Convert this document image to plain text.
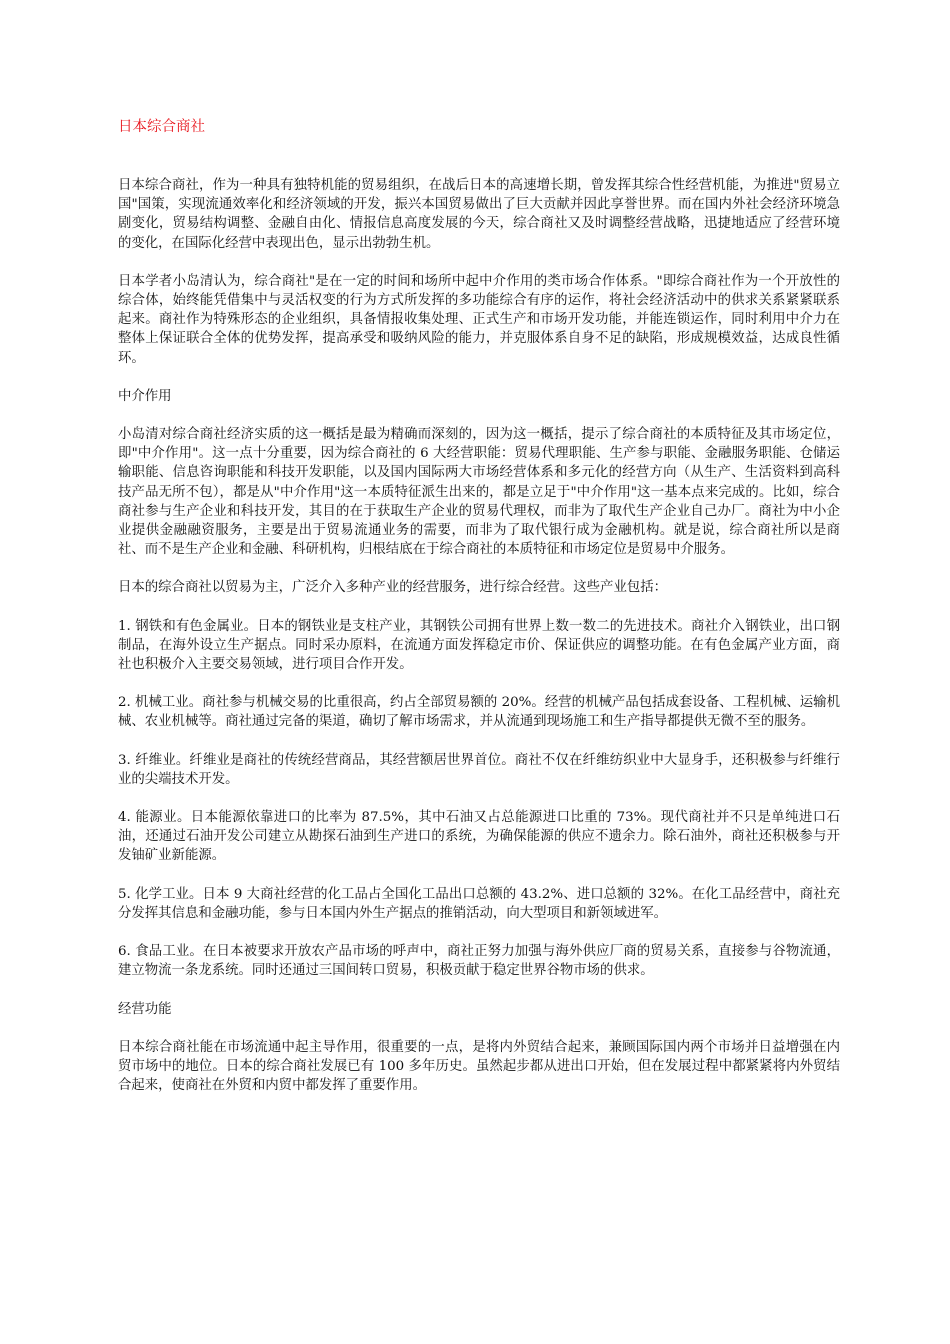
日本综合商社

日本综合商社，作为一种具有独特机能的贸易组织，在战后日本的高速增长期，曾发挥其综合性经营机能，为推进"贸易立国"国策，实现流通效率化和经济领域的开发，振兴本国贸易做出了巨大贡献并因此享誉世界。而在国内外社会经济环境急剧变化，贸易结构调整、金融自由化、情报信息高度发展的今天，综合商社又及时调整经营战略，迅捷地适应了经营环境的变化，在国际化经营中表现出色，显示出勃勃生机。

日本学者小岛清认为，综合商社"是在一定的时间和场所中起中介作用的类市场合作体系。"即综合商社作为一个开放性的综合体，始终能凭借集中与灵活权变的行为方式所发挥的多功能综合有序的运作，将社会经济活动中的供求关系紧紧联系起来。商社作为特殊形态的企业组织，具备情报收集处理、正式生产和市场开发功能，并能连锁运作，同时利用中介力在整体上保证联合全体的优势发挥，提高承受和吸纳风险的能力，并克服体系自身不足的缺陷，形成规模效益，达成良性循环。

中介作用

小岛清对综合商社经济实质的这一概括是最为精确而深刻的，因为这一概括，提示了综合商社的本质特征及其市场定位，即"中介作用"。这一点十分重要，因为综合商社的 6 大经营职能：贸易代理职能、生产参与职能、金融服务职能、仓储运输职能、信息咨询职能和科技开发职能，以及国内国际两大市场经营体系和多元化的经营方向（从生产、生活资料到高科技产品无所不包），都是从"中介作用"这一本质特征派生出来的，都是立足于"中介作用"这一基本点来完成的。比如，综合商社参与生产企业和科技开发，其目的在于获取生产企业的贸易代理权，而非为了取代生产企业自己办厂。商社为中小企业提供金融融资服务，主要是出于贸易流通业务的需要，而非为了取代银行成为金融机构。就是说，综合商社所以是商社、而不是生产企业和金融、科研机构，归根结底在于综合商社的本质特征和市场定位是贸易中介服务。

日本的综合商社以贸易为主，广泛介入多种产业的经营服务，进行综合经营。这些产业包括：

1. 钢铁和有色金属业。日本的钢铁业是支柱产业，其钢铁公司拥有世界上数一数二的先进技术。商社介入钢铁业，出口钢制品，在海外设立生产据点。同时采办原料，在流通方面发挥稳定市价、保证供应的调整功能。在有色金属产业方面，商社也积极介入主要交易领域，进行项目合作开发。

2. 机械工业。商社参与机械交易的比重很高，约占全部贸易额的 20%。经营的机械产品包括成套设备、工程机械、运输机械、农业机械等。商社通过完备的渠道，确切了解市场需求，并从流通到现场施工和生产指导都提供无微不至的服务。

3. 纤维业。纤维业是商社的传统经营商品，其经营额居世界首位。商社不仅在纤维纺织业中大显身手，还积极参与纤维行业的尖端技术开发。

4. 能源业。日本能源依靠进口的比率为 87.5%，其中石油又占总能源进口比重的 73%。现代商社并不只是单纯进口石油，还通过石油开发公司建立从勘探石油到生产进口的系统，为确保能源的供应不遗余力。除石油外，商社还积极参与开发铀矿业新能源。

5. 化学工业。日本 9 大商社经营的化工品占全国化工品出口总额的 43.2%、进口总额的 32%。在化工品经营中，商社充分发挥其信息和金融功能，参与日本国内外生产据点的推销活动，向大型项目和新领域进军。

6. 食品工业。在日本被要求开放农产品市场的呼声中，商社正努力加强与海外供应厂商的贸易关系，直接参与谷物流通，建立物流一条龙系统。同时还通过三国间转口贸易，积极贡献于稳定世界谷物市场的供求。

经营功能

日本综合商社能在市场流通中起主导作用，很重要的一点，是将内外贸结合起来，兼顾国际国内两个市场并日益增强在内贸市场中的地位。日本的综合商社发展已有 100 多年历史。虽然起步都从进出口开始，但在发展过程中都紧紧将内外贸结合起来，使商社在外贸和内贸中都发挥了重要作用。
